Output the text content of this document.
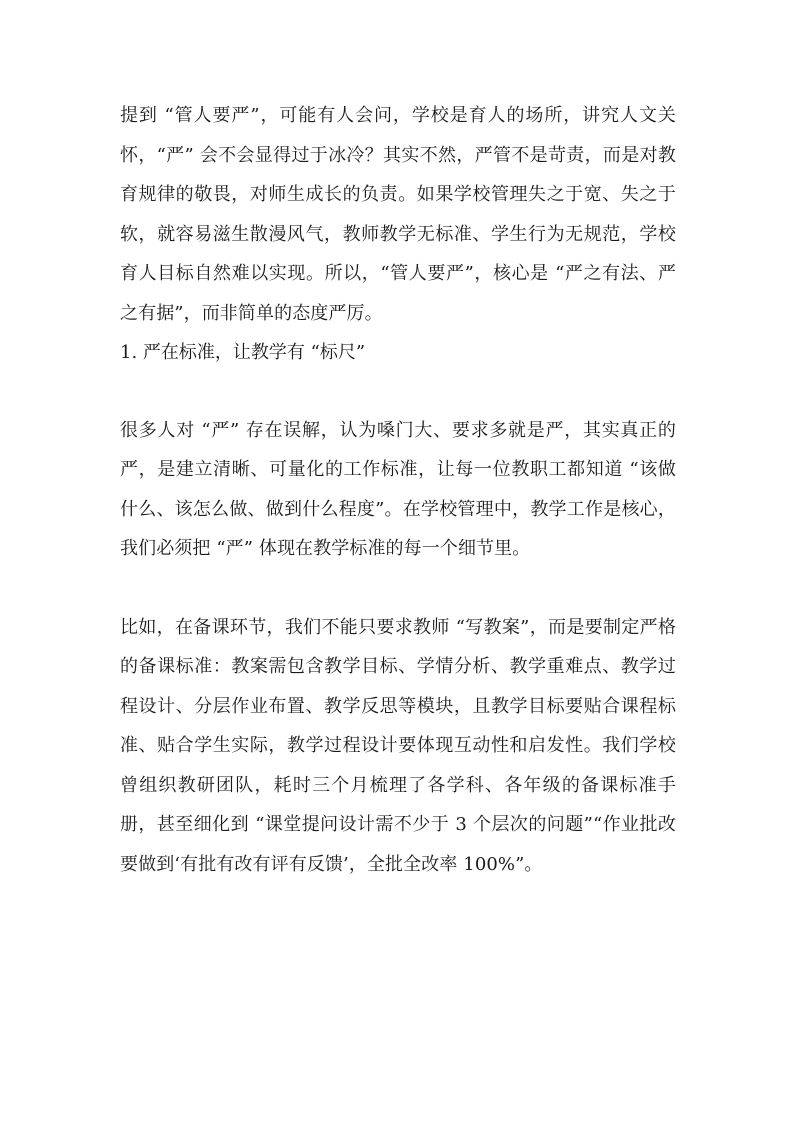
提到 “管人要严”，可能有人会问，学校是育人的场所，讲究人文关怀，“严” 会不会显得过于冰冷？其实不然，严管不是苛责，而是对教育规律的敬畏，对师生成长的负责。如果学校管理失之于宽、失之于软，就容易滋生散漫风气，教师教学无标准、学生行为无规范，学校育人目标自然难以实现。所以，“管人要严”，核心是 “严之有法、严之有据”，而非简单的态度严厉。

1. 严在标准，让教学有 “标尺”

很多人对 “严” 存在误解，认为嗓门大、要求多就是严，其实真正的严，是建立清晰、可量化的工作标准，让每一位教职工都知道 “该做什么、该怎么做、做到什么程度”。在学校管理中，教学工作是核心，我们必须把 “严” 体现在教学标准的每一个细节里。

比如，在备课环节，我们不能只要求教师 “写教案”，而是要制定严格的备课标准：教案需包含教学目标、学情分析、教学重难点、教学过程设计、分层作业布置、教学反思等模块，且教学目标要贴合课程标准、贴合学生实际，教学过程设计要体现互动性和启发性。我们学校曾组织教研团队，耗时三个月梳理了各学科、各年级的备课标准手册，甚至细化到 “课堂提问设计需不少于 3 个层次的问题”“作业批改要做到‘有批有改有评有反馈’，全批全改率 100%”。
